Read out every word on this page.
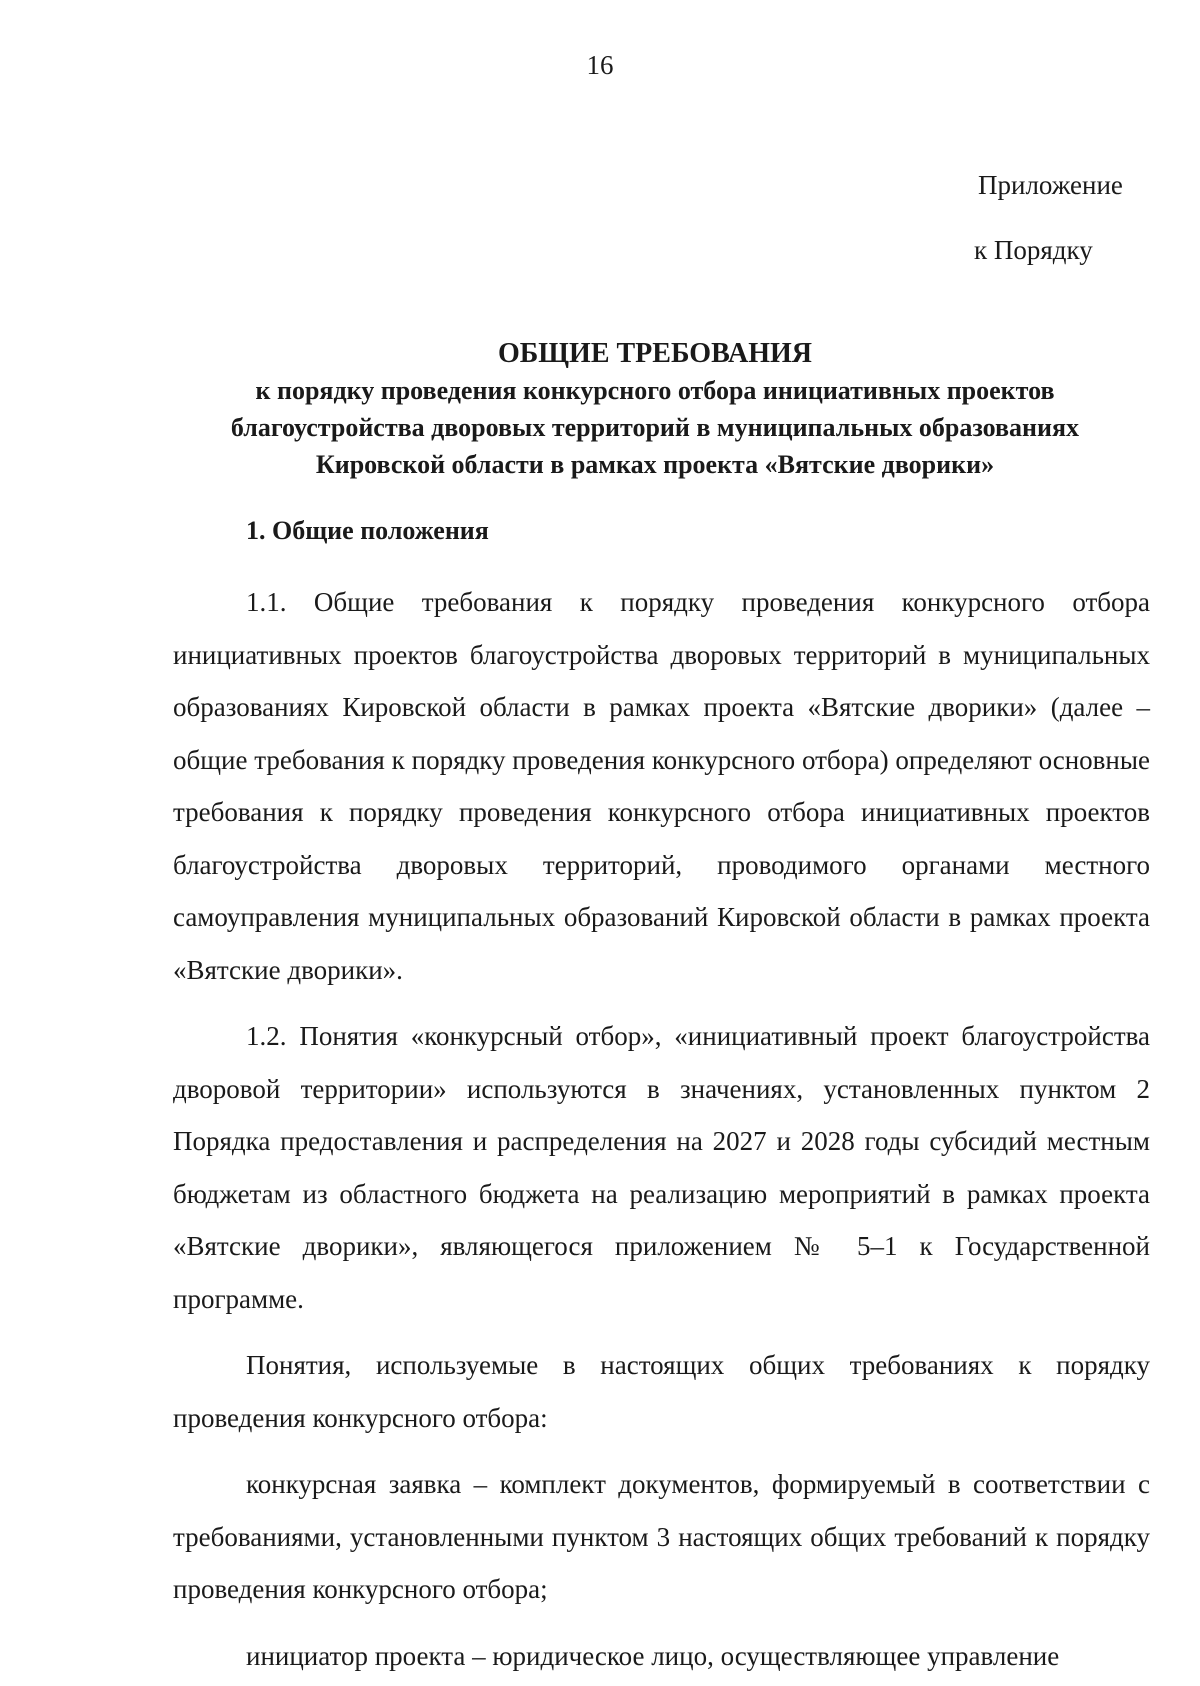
16
Приложение
к Порядку
ОБЩИЕ ТРЕБОВАНИЯ
к порядку проведения конкурсного отбора инициативных проектов
благоустройства дворовых территорий в муниципальных образованиях
Кировской области в рамках проекта «Вятские дворики»
1. Общие положения

1.1. Общие требования к порядку проведения конкурсного отбора инициативных проектов благоустройства дворовых территорий в муниципальных образованиях Кировской области в рамках проекта «Вятские дворики» (далее – общие требования к порядку проведения конкурсного отбора) определяют основные требования к порядку проведения конкурсного отбора инициативных проектов благоустройства дворовых территорий, проводимого органами местного самоуправления муниципальных образований Кировской области в рамках проекта «Вятские дворики».

1.2. Понятия «конкурсный отбор», «инициативный проект благоустройства дворовой территории» используются в значениях, установленных пунктом 2 Порядка предоставления и распределения на 2027 и 2028 годы субсидий местным бюджетам из областного бюджета на реализацию мероприятий в рамках проекта «Вятские дворики», являющегося приложением № 5–1 к Государственной программе.

Понятия, используемые в настоящих общих требованиях к порядку проведения конкурсного отбора:

конкурсная заявка – комплект документов, формируемый в соответствии с требованиями, установленными пунктом 3 настоящих общих требований к порядку проведения конкурсного отбора;

инициатор проекта – юридическое лицо, осуществляющее управление
